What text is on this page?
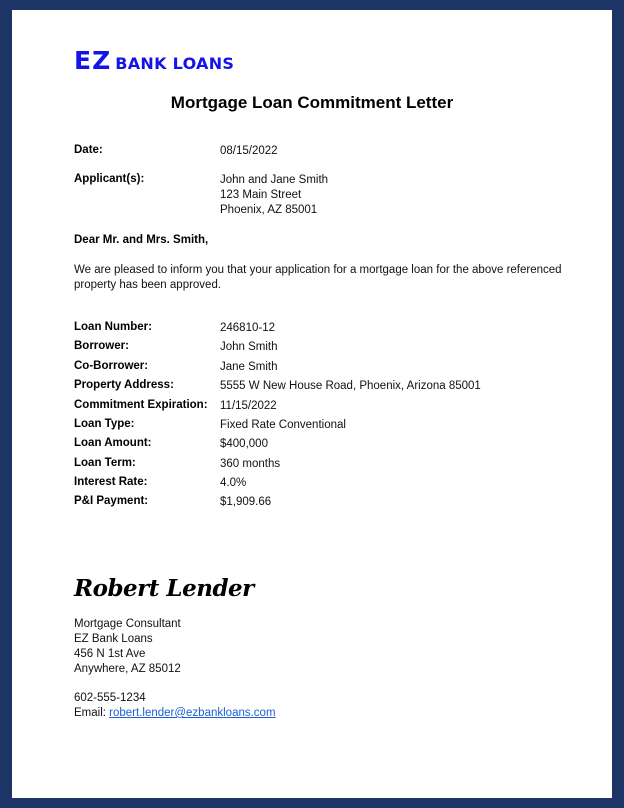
EZ BANK LOANS
Mortgage Loan Commitment Letter
Date:	08/15/2022
Applicant(s):	John and Jane Smith
123 Main Street
Phoenix, AZ 85001
Dear Mr. and Mrs. Smith,
We are pleased to inform you that your application for a mortgage loan for the above referenced property has been approved.
Loan Number:	246810-12
Borrower:	John Smith
Co-Borrower:	Jane Smith
Property Address:	5555 W New House Road, Phoenix, Arizona 85001
Commitment Expiration: 11/15/2022
Loan Type:	Fixed Rate Conventional
Loan Amount:	$400,000
Loan Term:	360 months
Interest Rate:	4.0%
P&I Payment:	$1,909.66
Robert Lender
Mortgage Consultant
EZ Bank Loans
456 N 1st Ave
Anywhere, AZ 85012
602-555-1234
Email: robert.lender@ezbankloans.com
